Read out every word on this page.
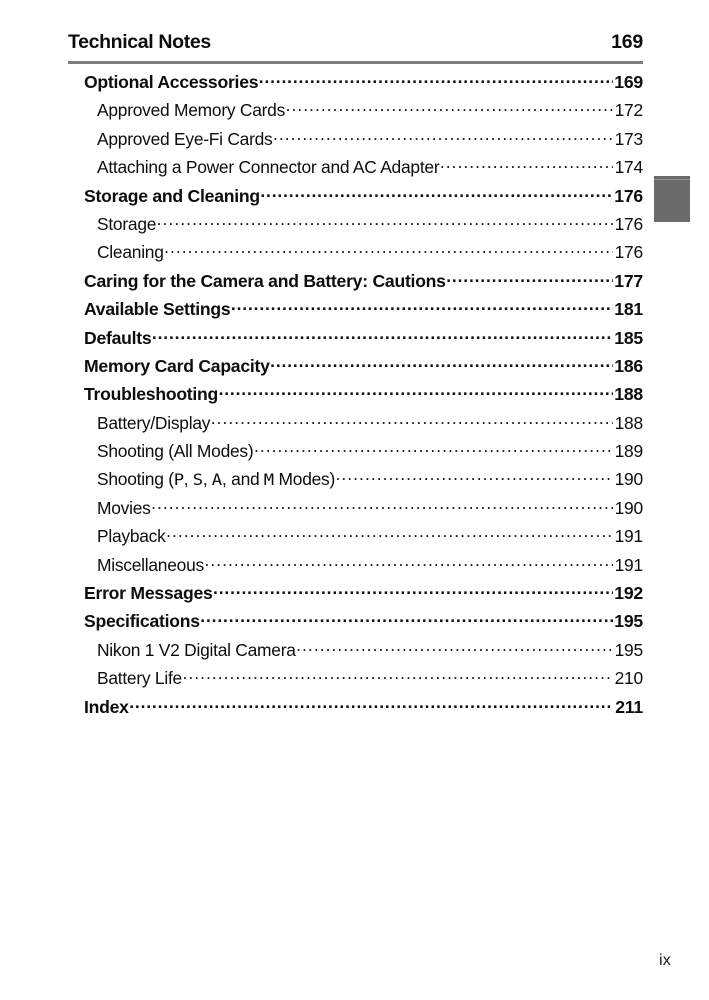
Technical Notes	169
Optional Accessories .....	169
Approved Memory Cards .....	172
Approved Eye-Fi Cards .....	173
Attaching a Power Connector and AC Adapter .....	174
Storage and Cleaning .....	176
Storage .....	176
Cleaning .....	176
Caring for the Camera and Battery: Cautions .....	177
Available Settings .....	181
Defaults .....	185
Memory Card Capacity .....	186
Troubleshooting .....	188
Battery/Display .....	188
Shooting (All Modes) .....	189
Shooting (P, S, A, and M Modes) .....	190
Movies .....	190
Playback .....	191
Miscellaneous .....	191
Error Messages .....	192
Specifications .....	195
Nikon 1 V2 Digital Camera .....	195
Battery Life .....	210
Index .....	211
ix
